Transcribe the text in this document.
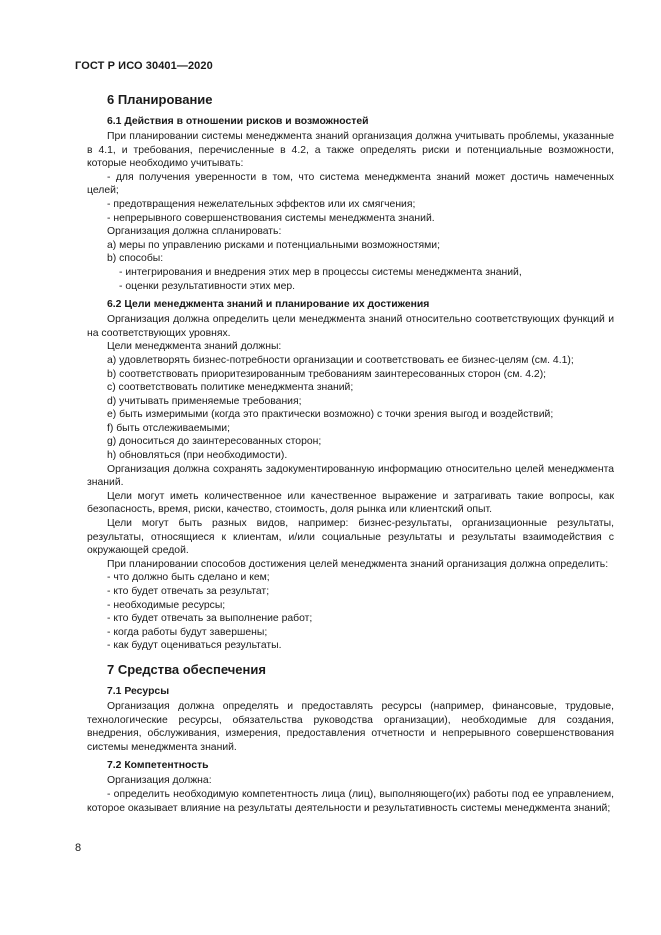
ГОСТ Р ИСО 30401—2020
6 Планирование
6.1 Действия в отношении рисков и возможностей

При планировании системы менеджмента знаний организация должна учитывать проблемы, указанные в 4.1, и требования, перечисленные в 4.2, а также определять риски и потенциальные возможности, которые необходимо учитывать:

- для получения уверенности в том, что система менеджмента знаний может достичь намеченных целей;

- предотвращения нежелательных эффектов или их смягчения;

- непрерывного совершенствования системы менеджмента знаний.

Организация должна спланировать:

а) меры по управлению рисками и потенциальными возможностями;

b) способы:

- интегрирования и внедрения этих мер в процессы системы менеджмента знаний,

- оценки результативности этих мер.

6.2 Цели менеджмента знаний и планирование их достижения

Организация должна определить цели менеджмента знаний относительно соответствующих функций и на соответствующих уровнях.

Цели менеджмента знаний должны:

а) удовлетворять бизнес-потребности организации и соответствовать ее бизнес-целям (см. 4.1);

b) соответствовать приоритезированным требованиям заинтересованных сторон (см. 4.2);

с) соответствовать политике менеджмента знаний;

d) учитывать применяемые требования;

е) быть измеримыми (когда это практически возможно) с точки зрения выгод и воздействий;

f) быть отслеживаемыми;

g) доноситься до заинтересованных сторон;

h) обновляться (при необходимости).

Организация должна сохранять задокументированную информацию относительно целей менеджмента знаний.

Цели могут иметь количественное или качественное выражение и затрагивать такие вопросы, как безопасность, время, риски, качество, стоимость, доля рынка или клиентский опыт.

Цели могут быть разных видов, например: бизнес-результаты, организационные результаты, результаты, относящиеся к клиентам, и/или социальные результаты и результаты взаимодействия с окружающей средой.

При планировании способов достижения целей менеджмента знаний организация должна определить:

- что должно быть сделано и кем;

- кто будет отвечать за результат;

- необходимые ресурсы;

- кто будет отвечать за выполнение работ;

- когда работы будут завершены;

- как будут оцениваться результаты.

7 Средства обеспечения
7.1 Ресурсы

Организация должна определять и предоставлять ресурсы (например, финансовые, трудовые, технологические ресурсы, обязательства руководства организации), необходимые для создания, внедрения, обслуживания, измерения, предоставления отчетности и непрерывного совершенствования системы менеджмента знаний.

7.2 Компетентность

Организация должна:

- определить необходимую компетентность лица (лиц), выполняющего(их) работы под ее управлением, которое оказывает влияние на результаты деятельности и результативность системы менеджмента знаний;

8
